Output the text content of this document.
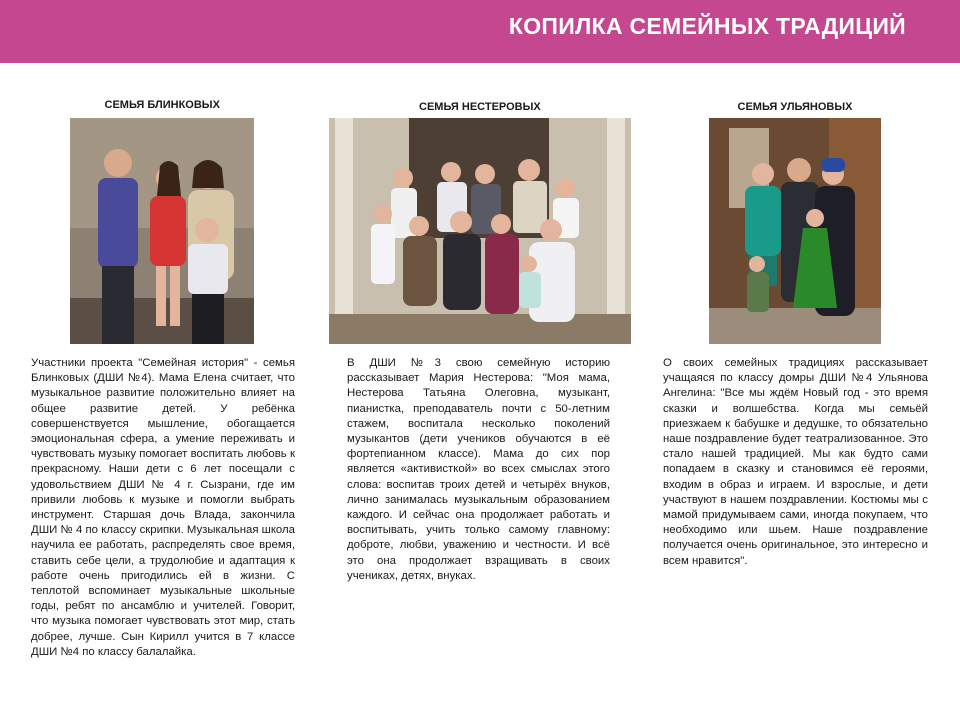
КОПИЛКА СЕМЕЙНЫХ ТРАДИЦИЙ
СЕМЬЯ БЛИНКОВЫХ
Участники проекта "Семейная история" - семья Блинковых (ДШИ №4). Мама Елена считает, что музыкальное развитие положительно влияет на общее развитие детей. У ребёнка совершенствуется мышление, обогащается эмоциональная сфера, а умение переживать и чувствовать музыку помогает воспитать любовь к прекрасному. Наши дети с 6 лет посещали с удовольствием ДШИ № 4 г. Сызрани, где им привили любовь к музыке и помогли выбрать инструмент. Старшая дочь Влада, закончила ДШИ № 4 по классу скрипки. Музыкальная школа научила ее работать, распределять свое время, ставить себе цели, а трудолюбие и адаптация к работе очень пригодились ей в жизни. С теплотой вспоминает музыкальные школьные годы, ребят по ансамблю и учителей. Говорит, что музыка помогает чувствовать этот мир, стать добрее, лучше. Сын Кирилл учится в 7 классе ДШИ №4 по классу балалайка.
СЕМЬЯ НЕСТЕРОВЫХ
В ДШИ №3 свою семейную историю рассказывает Мария Нестерова: "Моя мама, Нестерова Татьяна Олеговна, музыкант, пианистка, преподаватель почти с 50-летним стажем, воспитала несколько поколений музыкантов (дети учеников обучаются в её фортепианном классе). Мама до сих пор является «активисткой» во всех смыслах этого слова: воспитав троих детей и четырёх внуков, лично занималась музыкальным образованием каждого. И сейчас она продолжает работать и воспитывать, учить только самому главному: доброте, любви, уважению и честности. И всё это она продолжает взращивать в своих учениках, детях, внуках.
СЕМЬЯ УЛЬЯНОВЫХ
О своих семейных традициях рассказывает учащаяся по классу домры ДШИ №4 Ульянова Ангелина: "Все мы ждём Новый год - это время сказки и волшебства. Когда мы семьёй приезжаем к бабушке и дедушке, то обязательно наше поздравление будет театрализованное. Это стало нашей традицией. Мы как будто сами попадаем в сказку и становимся её героями, входим в образ и играем. И взрослые, и дети участвуют в нашем поздравлении. Костюмы мы с мамой придумываем сами, иногда покупаем, что необходимо или шьем. Наше поздравление получается очень оригинальное, это интересно и всем нравится".
